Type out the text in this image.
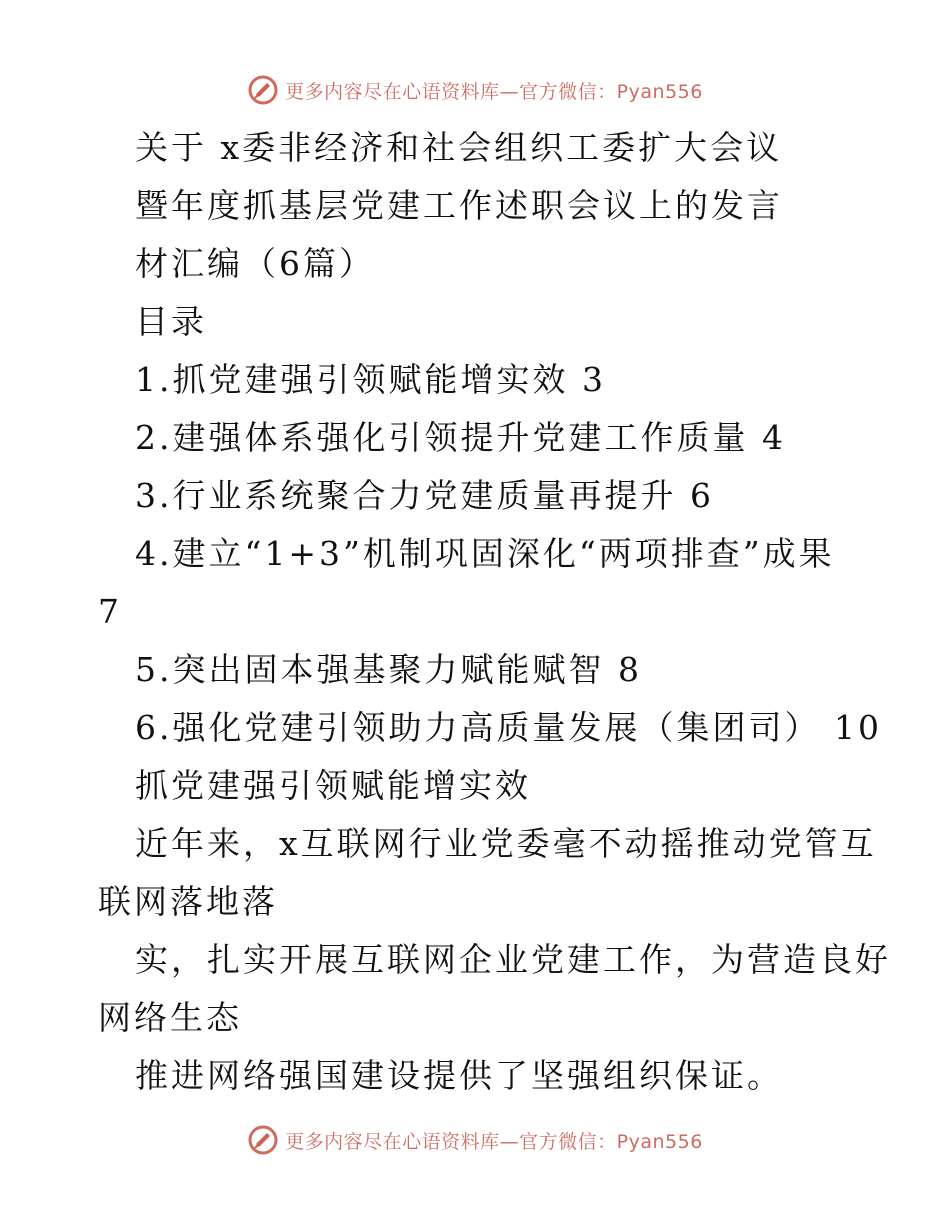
更多内容尽在心语资料库—官方微信：Pyan556
关于 x委非经济和社会组织工委扩大会议
暨年度抓基层党建工作述职会议上的发言
材汇编（6篇）
目录
1.抓党建强引领赋能增实效 3
2.建强体系强化引领提升党建工作质量 4
3.行业系统聚合力党建质量再提升 6
4.建立“1+3”机制巩固深化“两项排查”成果
7
5.突出固本强基聚力赋能赋智 8
6.强化党建引领助力高质量发展（集团司） 10
抓党建强引领赋能增实效
近年来，x互联网行业党委毫不动摇推动党管互
联网落地落
实，扎实开展互联网企业党建工作，为营造良好
网络生态
推进网络强国建设提供了坚强组织保证。
更多内容尽在心语资料库—官方微信：Pyan556
